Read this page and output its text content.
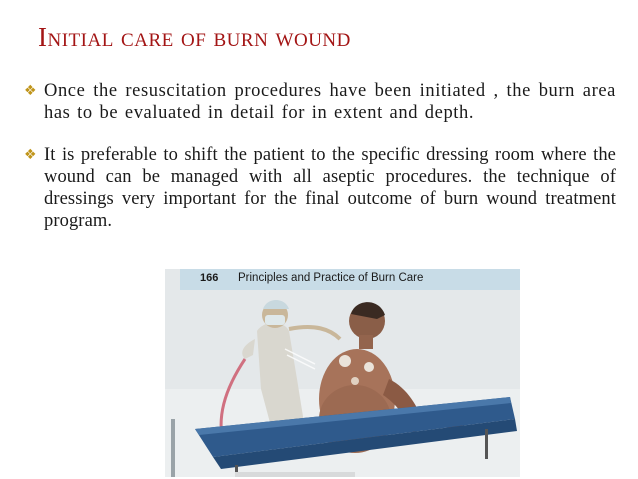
Initial care of burn wound
❖ Once the resuscitation procedures have been initiated , the burn area has to be evaluated in detail for in extent and depth.
❖ It is preferable to shift the patient to the specific dressing room where the wound can be managed with all aseptic procedures. the technique of dressings very important for the final outcome of burn wound treatment program.
166 Principles and Practice of Burn Care
